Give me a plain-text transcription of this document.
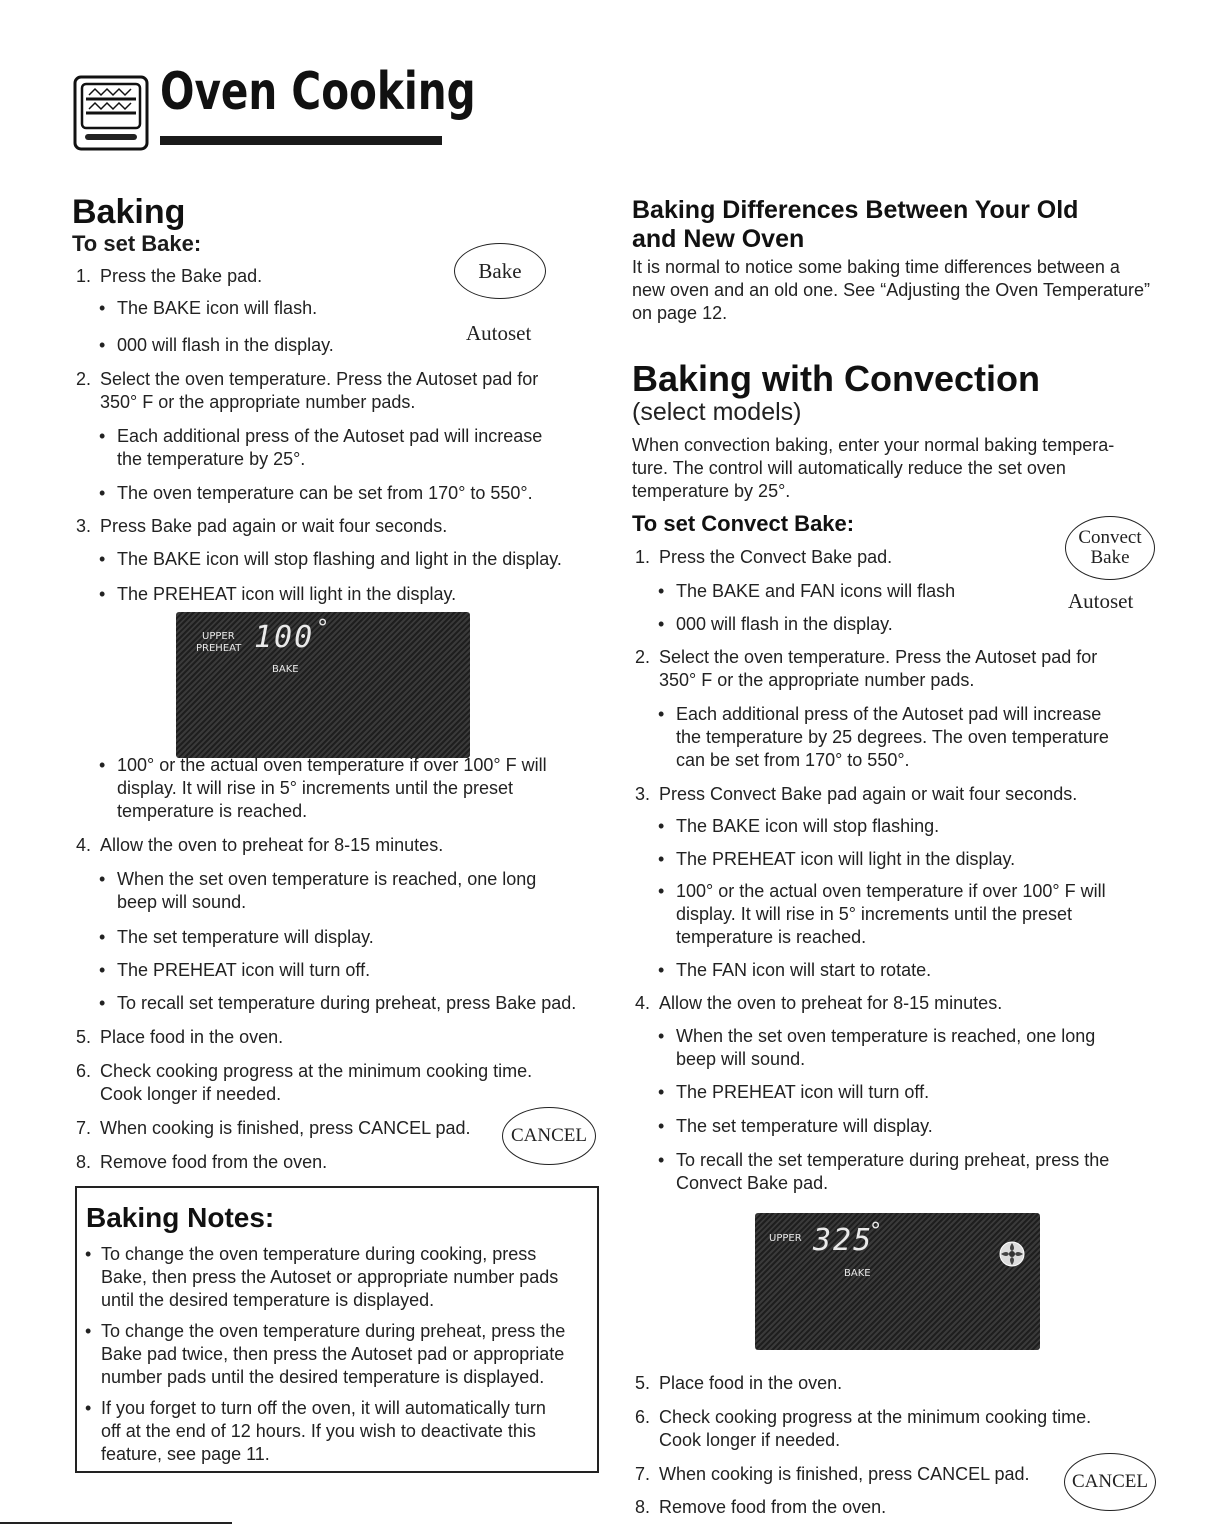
Oven Cooking
Baking
To set Bake:
Bake
Autoset
1. Press the Bake pad.
• The BAKE icon will flash.
• 000 will flash in the display.
2. Select the oven temperature. Press the Autoset pad for
350° F or the appropriate number pads.
• Each additional press of the Autoset pad will increase
the temperature by 25°.
• The oven temperature can be set from 170° to 550°.
3. Press Bake pad again or wait four seconds.
• The BAKE icon will stop flashing and light in the display.
• The PREHEAT icon will light in the display.
UPPER
PREHEAT 100 °
BAKE
• 100° or the actual oven temperature if over 100° F will
display. It will rise in 5° increments until the preset
temperature is reached.
4. Allow the oven to preheat for 8-15 minutes.
• When the set oven temperature is reached, one long
beep will sound.
• The set temperature will display.
• The PREHEAT icon will turn off.
• To recall set temperature during preheat, press Bake pad.
5. Place food in the oven.
6. Check cooking progress at the minimum cooking time.
Cook longer if needed.
7. When cooking is finished, press CANCEL pad.
8. Remove food from the oven.
CANCEL
Baking Notes:
• To change the oven temperature during cooking, press
Bake, then press the Autoset or appropriate number pads
until the desired temperature is displayed.
• To change the oven temperature during preheat, press the
Bake pad twice, then press the Autoset pad or appropriate
number pads until the desired temperature is displayed.
• If you forget to turn off the oven, it will automatically turn
off at the end of 12 hours. If you wish to deactivate this
feature, see page 11.
Baking Differences Between Your Old
and New Oven
It is normal to notice some baking time differences between a
new oven and an old one. See “Adjusting the Oven Temperature”
on page 12.
Baking with Convection
(select models)
When convection baking, enter your normal baking tempera-
ture. The control will automatically reduce the set oven
temperature by 25°.
To set Convect Bake:
Convect
Bake
Autoset
1. Press the Convect Bake pad.
• The BAKE and FAN icons will flash
• 000 will flash in the display.
2. Select the oven temperature. Press the Autoset pad for
350° F or the appropriate number pads.
• Each additional press of the Autoset pad will increase
the temperature by 25 degrees. The oven temperature
can be set from 170° to 550°.
3. Press Convect Bake pad again or wait four seconds.
• The BAKE icon will stop flashing.
• The PREHEAT icon will light in the display.
• 100° or the actual oven temperature if over 100° F will
display. It will rise in 5° increments until the preset
temperature is reached.
• The FAN icon will start to rotate.
4. Allow the oven to preheat for 8-15 minutes.
• When the set oven temperature is reached, one long
beep will sound.
• The PREHEAT icon will turn off.
• The set temperature will display.
• To recall the set temperature during preheat, press the
Convect Bake pad.
UPPER 325
°
BAKE
5. Place food in the oven.
6. Check cooking progress at the minimum cooking time.
Cook longer if needed.
7. When cooking is finished, press CANCEL pad.
8. Remove food from the oven.
CANCEL
